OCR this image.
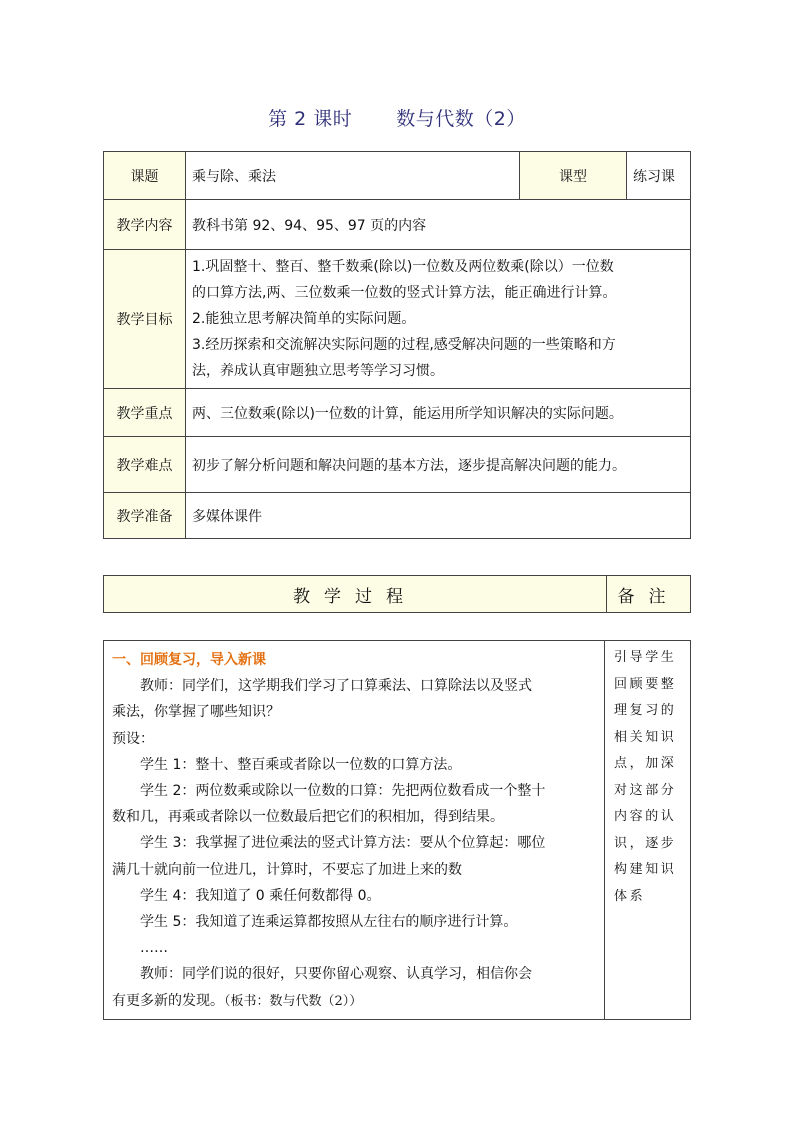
第 2 课时 数与代数（2）
课题	乘与除、乘法	课型	练习课
教学内容	教科书第 92、94、95、97 页的内容		
教学目标	1.巩固整十、整百、整千数乘(除以)一位数及两位数乘(除以）一位数
的口算方法,两、三位数乘一位数的竖式计算方法，能正确进行计算。
2.能独立思考解决简单的实际问题。
3.经历探索和交流解决实际问题的过程,感受解决问题的一些策略和方
法，养成认真审题独立思考等学习习惯。		

教学重点	两、三位数乘(除以)一位数的计算，能运用所学知识解决的实际问题。		
教学难点	初步了解分析问题和解决问题的基本方法，逐步提高解决问题的能力。		
教学准备	多媒体课件		
教学过程	备注
一、回顾复习，导入新课
教师：同学们，这学期我们学习了口算乘法、口算除法以及竖式
乘法，你掌握了哪些知识？
预设：
学生 1：整十、整百乘或者除以一位数的口算方法。
学生 2：两位数乘或除以一位数的口算：先把两位数看成一个整十
数和几，再乘或者除以一位数最后把它们的积相加，得到结果。
学生 3：我掌握了进位乘法的竖式计算方法：要从个位算起：哪位
满几十就向前一位进几，计算时，不要忘了加进上来的数
学生 4：我知道了 0 乘任何数都得 0。
学生 5：我知道了连乘运算都按照从左往右的顺序进行计算。
……
教师：同学们说的很好，只要你留心观察、认真学习，相信你会
有更多新的发现。（板书：数与代数（2））

引导学生
回顾要整
理复习的
相关知识
点，加深
对这部分
内容的认
识，逐步
构建知识
体系
